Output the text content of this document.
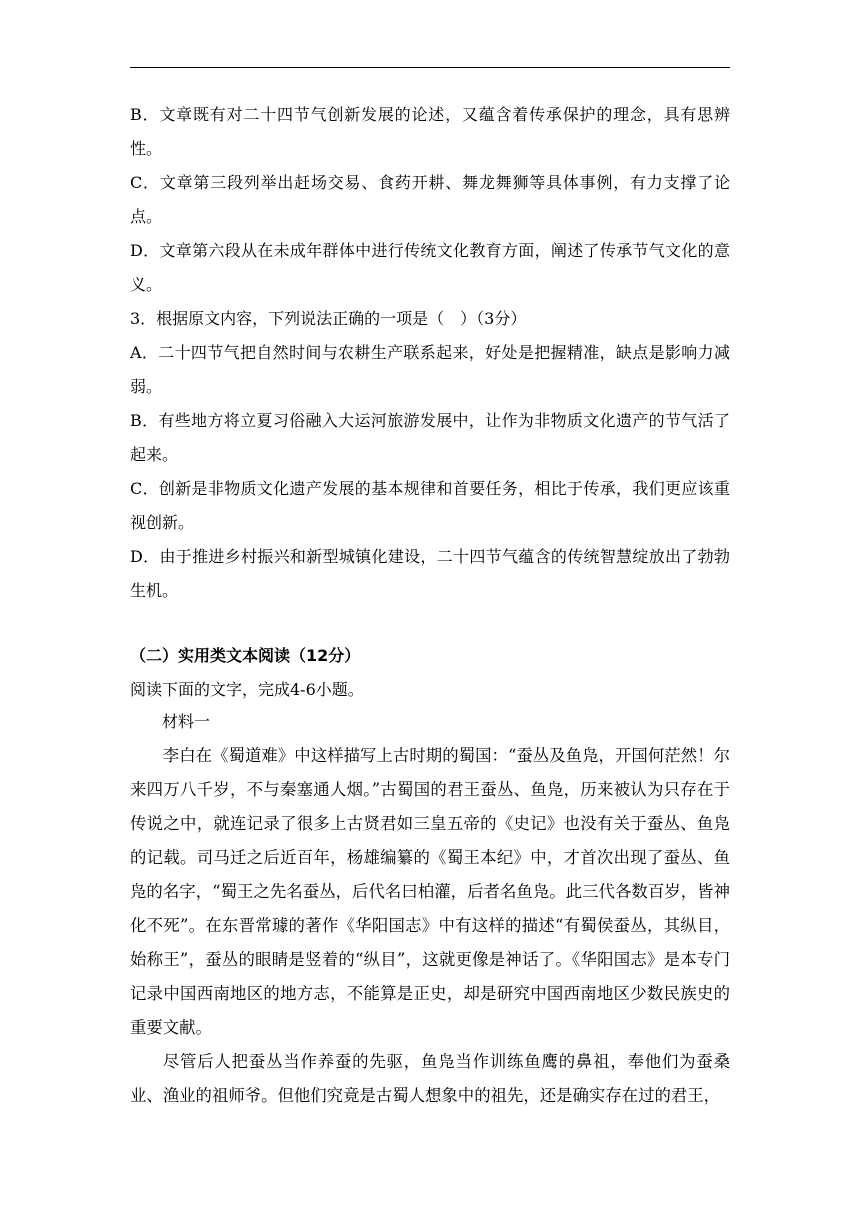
B．文章既有对二十四节气创新发展的论述，又蕴含着传承保护的理念，具有思辨性。

C．文章第三段列举出赶场交易、食药开耕、舞龙舞狮等具体事例，有力支撑了论点。

D．文章第六段从在未成年群体中进行传统文化教育方面，阐述了传承节气文化的意义。

3．根据原文内容，下列说法正确的一项是（　）（3分）

A．二十四节气把自然时间与农耕生产联系起来，好处是把握精准，缺点是影响力减弱。

B．有些地方将立夏习俗融入大运河旅游发展中，让作为非物质文化遗产的节气活了起来。

C．创新是非物质文化遗产发展的基本规律和首要任务，相比于传承，我们更应该重视创新。

D．由于推进乡村振兴和新型城镇化建设，二十四节气蕴含的传统智慧绽放出了勃勃生机。

（二）实用类文本阅读（12分）

阅读下面的文字，完成4-6小题。

材料一

李白在《蜀道难》中这样描写上古时期的蜀国：“蚕丛及鱼凫，开国何茫然！尔来四万八千岁，不与秦塞通人烟。”古蜀国的君王蚕丛、鱼凫，历来被认为只存在于传说之中，就连记录了很多上古贤君如三皇五帝的《史记》也没有关于蚕丛、鱼凫的记载。司马迁之后近百年，杨雄编纂的《蜀王本纪》中，才首次出现了蚕丛、鱼凫的名字，“蜀王之先名蚕丛，后代名曰柏灌，后者名鱼凫。此三代各数百岁，皆神化不死”。在东晋常璩的著作《华阳国志》中有这样的描述“有蜀侯蚕丛，其纵目，始称王”，蚕丛的眼睛是竖着的“纵目”，这就更像是神话了。《华阳国志》是本专门记录中国西南地区的地方志，不能算是正史，却是研究中国西南地区少数民族史的重要文献。

尽管后人把蚕丛当作养蚕的先驱，鱼凫当作训练鱼鹰的鼻祖，奉他们为蚕桑业、渔业的祖师爷。但他们究竟是古蜀人想象中的祖先，还是确实存在过的君王，
